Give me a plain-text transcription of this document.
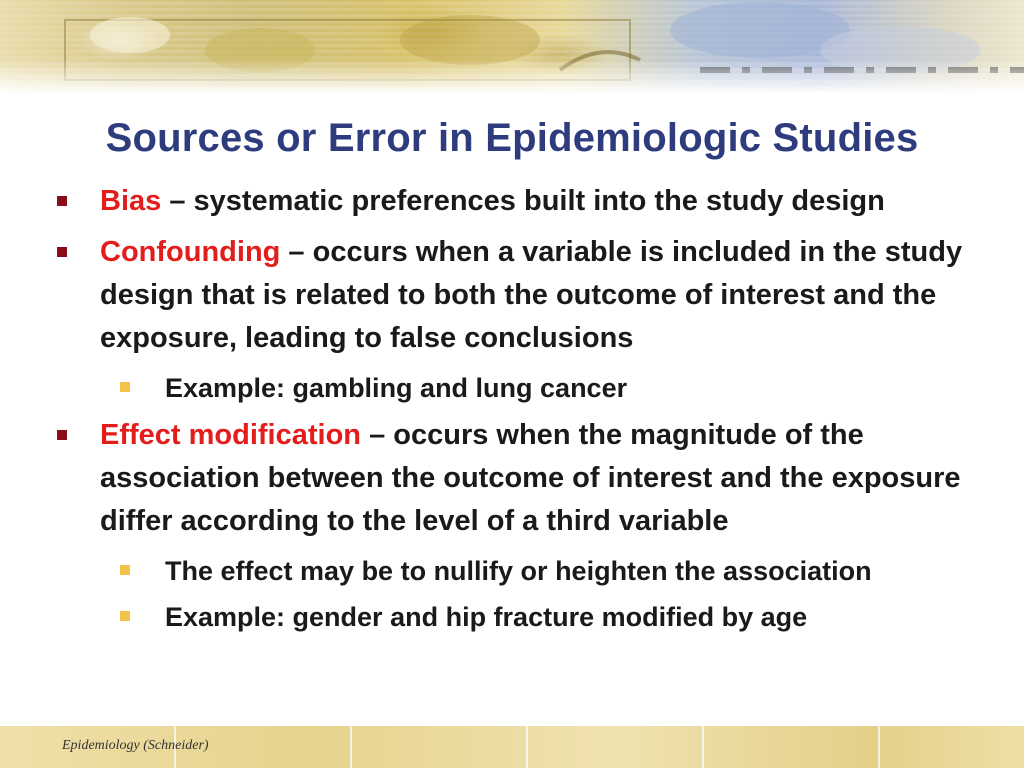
Sources or Error in Epidemiologic Studies
Bias – systematic preferences built into the study design
Confounding – occurs when a variable is included in the study design that is related to both the outcome of interest and the exposure, leading to false conclusions
Example: gambling and lung cancer
Effect modification – occurs when the magnitude of the association between the outcome of interest and the exposure differ according to the level of a third variable
The effect may be to nullify or heighten the association
Example: gender and hip fracture modified by age
Epidemiology (Schneider)
